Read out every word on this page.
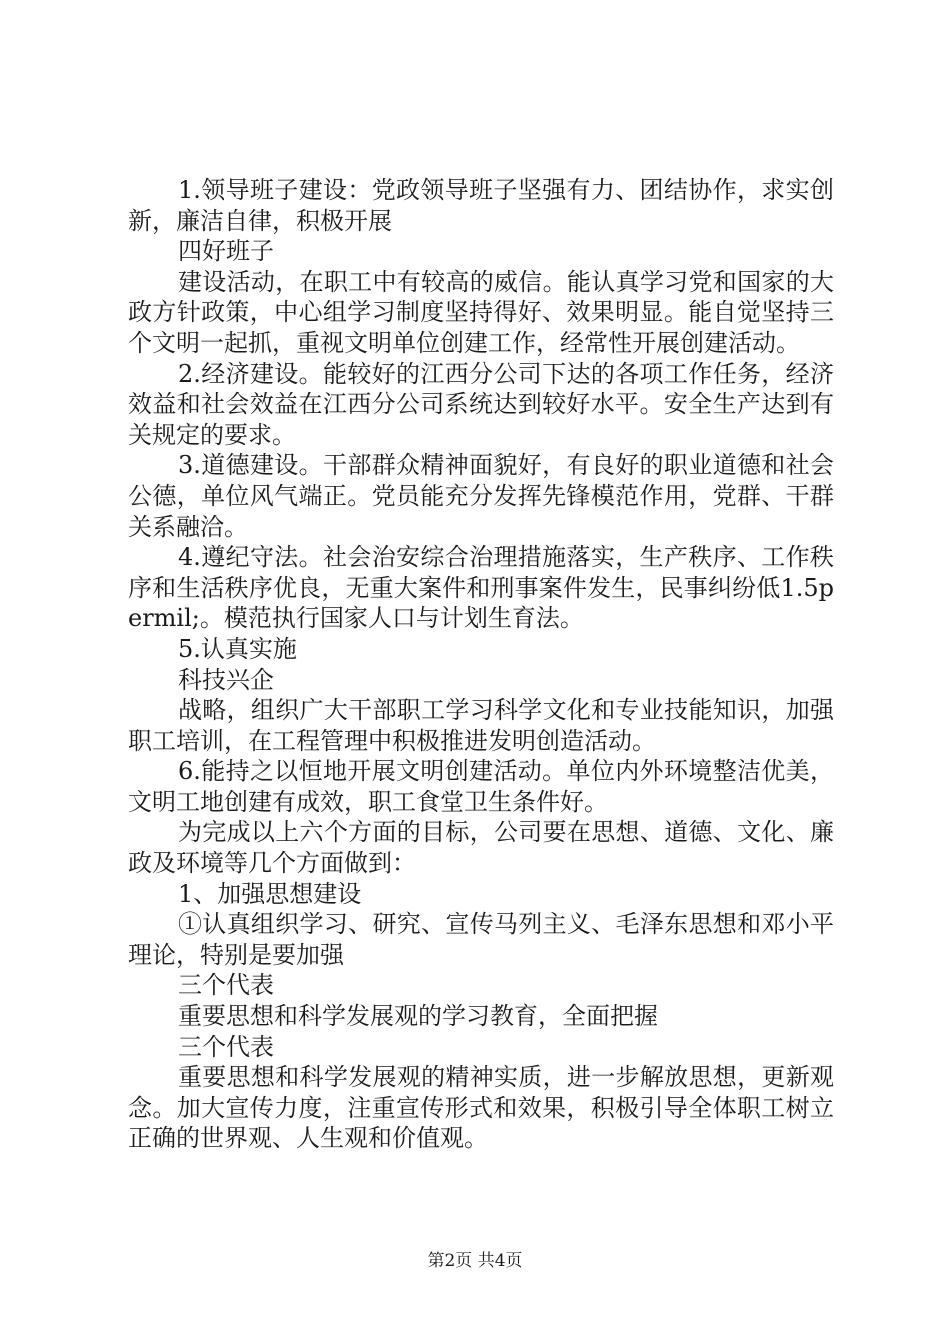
1.领导班子建设：党政领导班子坚强有力、团结协作，求实创新，廉洁自律，积极开展

四好班子

建设活动，在职工中有较高的威信。能认真学习党和国家的大政方针政策，中心组学习制度坚持得好、效果明显。能自觉坚持三个文明一起抓，重视文明单位创建工作，经常性开展创建活动。

2.经济建设。能较好的江西分公司下达的各项工作任务，经济效益和社会效益在江西分公司系统达到较好水平。安全生产达到有关规定的要求。

3.道德建设。干部群众精神面貌好，有良好的职业道德和社会公德，单位风气端正。党员能充分发挥先锋模范作用，党群、干群关系融洽。

4.遵纪守法。社会治安综合治理措施落实，生产秩序、工作秩序和生活秩序优良，无重大案件和刑事案件发生，民事纠纷低1.5permil;。模范执行国家人口与计划生育法。

5.认真实施

科技兴企

战略，组织广大干部职工学习科学文化和专业技能知识，加强职工培训，在工程管理中积极推进发明创造活动。

6.能持之以恒地开展文明创建活动。单位内外环境整洁优美，文明工地创建有成效，职工食堂卫生条件好。

为完成以上六个方面的目标，公司要在思想、道德、文化、廉政及环境等几个方面做到：

1、加强思想建设

①认真组织学习、研究、宣传马列主义、毛泽东思想和邓小平理论，特别是要加强

三个代表

重要思想和科学发展观的学习教育，全面把握

三个代表

重要思想和科学发展观的精神实质，进一步解放思想，更新观念。加大宣传力度，注重宣传形式和效果，积极引导全体职工树立正确的世界观、人生观和价值观。

第2页 共4页
